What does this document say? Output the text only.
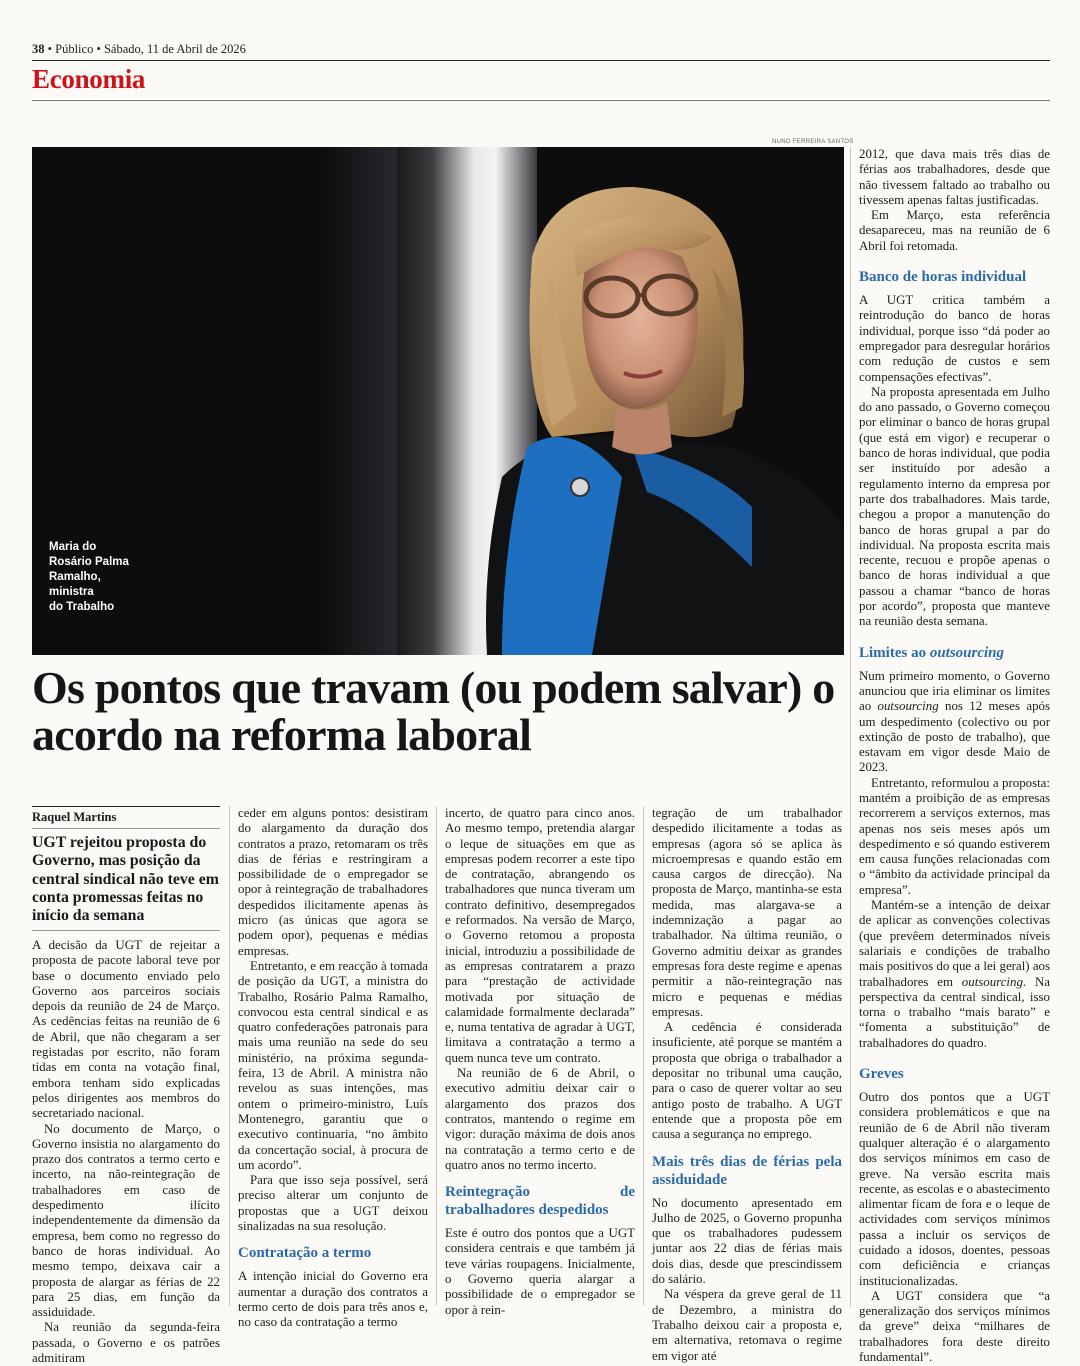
38 • Público • Sábado, 11 de Abril de 2026
Economia
NUNO FERREIRA SANTOS
Maria do
Rosário Palma
Ramalho,
ministra
do Trabalho
Os pontos que travam (ou podem salvar) o acordo na reforma laboral
Raquel Martins
UGT rejeitou proposta do Governo, mas posição da central sindical não teve em conta promessas feitas no início da semana

A decisão da UGT de rejeitar a proposta de pacote laboral teve por base o documento enviado pelo Governo aos parceiros sociais depois da reunião de 24 de Março. As cedências feitas na reunião de 6 de Abril, que não chegaram a ser registadas por escrito, não foram tidas em conta na votação final, embora tenham sido explicadas pelos dirigentes aos membros do secretariado nacional.

No documento de Março, o Governo insistia no alargamento do prazo dos contratos a termo certo e incerto, na não-reintegração de trabalhadores em caso de despedimento ilícito independentemente da dimensão da empresa, bem como no regresso do banco de horas individual. Ao mesmo tempo, deixava cair a proposta de alargar as férias de 22 para 25 dias, em função da assiduidade.

Na reunião da segunda-feira passada, o Governo e os patrões admitiram

ceder em alguns pontos: desistiram do alargamento da duração dos contratos a prazo, retomaram os três dias de férias e restringiram a possibilidade de o empregador se opor à reintegração de trabalhadores despedidos ilicitamente apenas às micro (as únicas que agora se podem opor), pequenas e médias empresas.

Entretanto, e em reacção à tomada de posição da UGT, a ministra do Trabalho, Rosário Palma Ramalho, convocou esta central sindical e as quatro confederações patronais para mais uma reunião na sede do seu ministério, na próxima segunda-feira, 13 de Abril. A ministra não revelou as suas intenções, mas ontem o primeiro-ministro, Luís Montenegro, garantiu que o executivo continuaria, “no âmbito da concertação social, à procura de um acordo”.

Para que isso seja possível, será preciso alterar um conjunto de propostas que a UGT deixou sinalizadas na sua resolução.

Contratação a termo

A intenção inicial do Governo era aumentar a duração dos contratos a termo certo de dois para três anos e, no caso da contratação a termo

incerto, de quatro para cinco anos. Ao mesmo tempo, pretendia alargar o leque de situações em que as empresas podem recorrer a este tipo de contratação, abrangendo os trabalhadores que nunca tiveram um contrato definitivo, desempregados e reformados. Na versão de Março, o Governo retomou a proposta inicial, introduziu a possibilidade de as empresas contratarem a prazo para “prestação de actividade motivada por situação de calamidade formalmente declarada” e, numa tentativa de agradar à UGT, limitava a contratação a termo a quem nunca teve um contrato.

Na reunião de 6 de Abril, o executivo admitiu deixar cair o alargamento dos prazos dos contratos, mantendo o regime em vigor: duração máxima de dois anos na contratação a termo certo e de quatro anos no termo incerto.

Reintegração de trabalhadores despedidos

Este é outro dos pontos que a UGT considera centrais e que também já teve várias roupagens. Inicialmente, o Governo queria alargar a possibilidade de o empregador se opor à rein-

tegração de um trabalhador despedido ilicitamente a todas as empresas (agora só se aplica às microempresas e quando estão em causa cargos de direcção). Na proposta de Março, mantinha-se esta medida, mas alargava-se a indemnização a pagar ao trabalhador. Na última reunião, o Governo admitiu deixar as grandes empresas fora deste regime e apenas permitir a não-reintegração nas micro e pequenas e médias empresas.

A cedência é considerada insuficiente, até porque se mantém a proposta que obriga o trabalhador a depositar no tribunal uma caução, para o caso de querer voltar ao seu antigo posto de trabalho. A UGT entende que a proposta põe em causa a segurança no emprego.

Mais três dias de férias pela assiduidade

No documento apresentado em Julho de 2025, o Governo propunha que os trabalhadores pudessem juntar aos 22 dias de férias mais dois dias, desde que prescindissem do salário.

Na véspera da greve geral de 11 de Dezembro, a ministra do Trabalho deixou cair a proposta e, em alternativa, retomava o regime em vigor até

2012, que dava mais três dias de férias aos trabalhadores, desde que não tivessem faltado ao trabalho ou tivessem apenas faltas justificadas.

Em Março, esta referência desapareceu, mas na reunião de 6 Abril foi retomada.

Banco de horas individual

A UGT critica também a reintrodução do banco de horas individual, porque isso “dá poder ao empregador para desregular horários com redução de custos e sem compensações efectivas”.

Na proposta apresentada em Julho do ano passado, o Governo começou por eliminar o banco de horas grupal (que está em vigor) e recuperar o banco de horas individual, que podia ser instituído por adesão a regulamento interno da empresa por parte dos trabalhadores. Mais tarde, chegou a propor a manutenção do banco de horas grupal a par do individual. Na proposta escrita mais recente, recuou e propõe apenas o banco de horas individual a que passou a chamar “banco de horas por acordo”, proposta que manteve na reunião desta semana.

Limites ao outsourcing

Num primeiro momento, o Governo anunciou que iria eliminar os limites ao outsourcing nos 12 meses após um despedimento (colectivo ou por extinção de posto de trabalho), que estavam em vigor desde Maio de 2023.

Entretanto, reformulou a proposta: mantém a proibição de as empresas recorrerem a serviços externos, mas apenas nos seis meses após um despedimento e só quando estiverem em causa funções relacionadas com o “âmbito da actividade principal da empresa”.

Mantém-se a intenção de deixar de aplicar as convenções colectivas (que prevêem determinados níveis salariais e condições de trabalho mais positivos do que a lei geral) aos trabalhadores em outsourcing. Na perspectiva da central sindical, isso torna o trabalho “mais barato” e “fomenta a substituição” de trabalhadores do quadro.

Greves

Outro dos pontos que a UGT considera problemáticos e que na reunião de 6 de Abril não tiveram qualquer alteração é o alargamento dos serviços mínimos em caso de greve. Na versão escrita mais recente, as escolas e o abastecimento alimentar ficam de fora e o leque de actividades com serviços mínimos passa a incluir os serviços de cuidado a idosos, doentes, pessoas com deficiência e crianças institucionalizadas.

A UGT considera que “a generalização dos serviços mínimos da greve” deixa “milhares de trabalhadores fora deste direito fundamental”.
